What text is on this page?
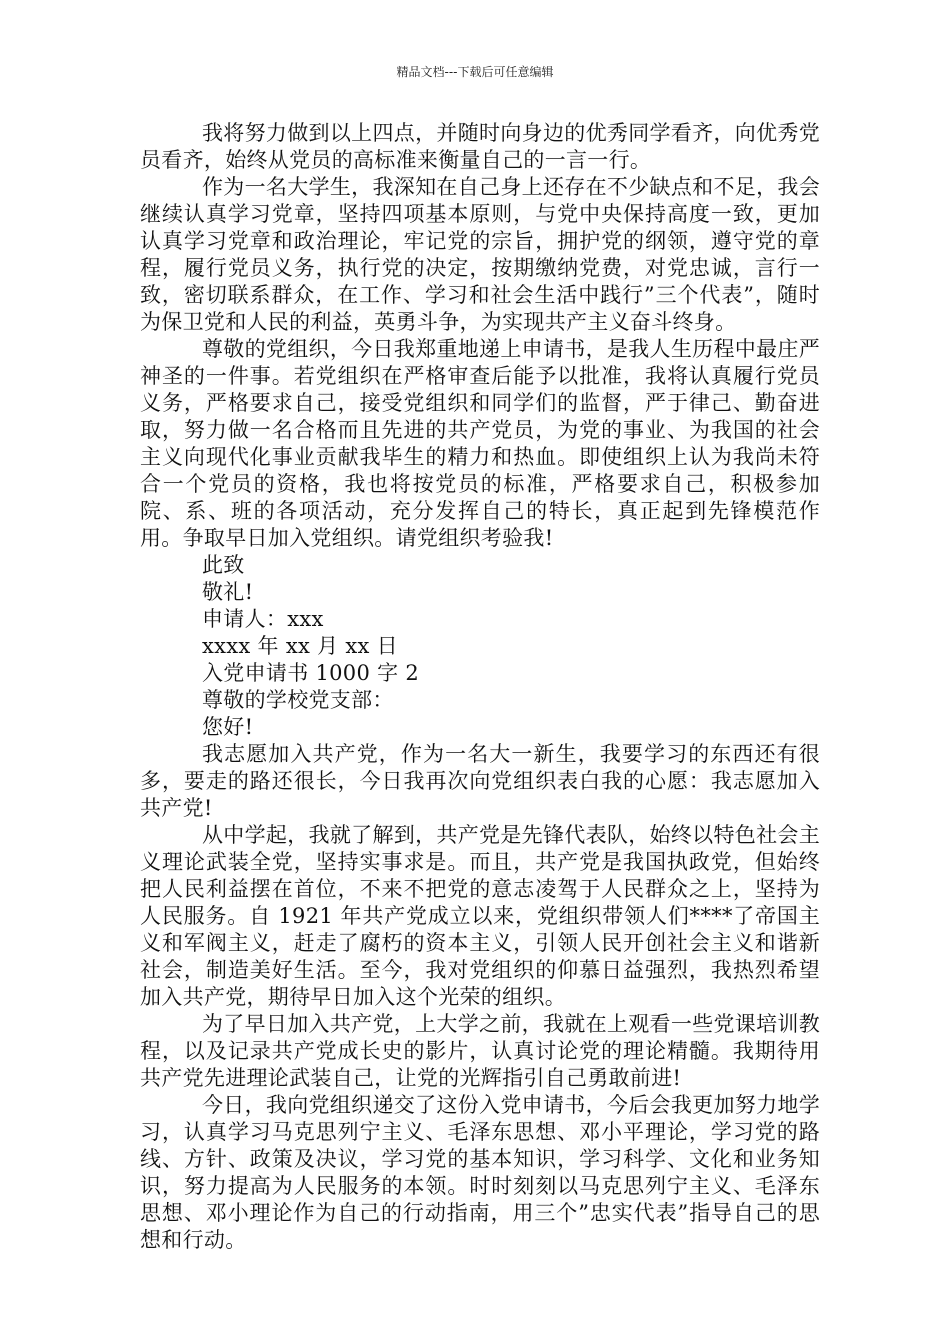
精品文档---下载后可任意编辑

我将努力做到以上四点，并随时向身边的优秀同学看齐，向优秀党员看齐，始终从党员的高标准来衡量自己的一言一行。

作为一名大学生，我深知在自己身上还存在不少缺点和不足，我会继续认真学习党章，坚持四项基本原则，与党中央保持高度一致，更加认真学习党章和政治理论，牢记党的宗旨，拥护党的纲领，遵守党的章程，履行党员义务，执行党的决定，按期缴纳党费，对党忠诚，言行一致，密切联系群众，在工作、学习和社会生活中践行”三个代表”，随时为保卫党和人民的利益，英勇斗争，为实现共产主义奋斗终身。

尊敬的党组织，今日我郑重地递上申请书，是我人生历程中最庄严神圣的一件事。若党组织在严格审查后能予以批准，我将认真履行党员义务，严格要求自己，接受党组织和同学们的监督，严于律己、勤奋进取，努力做一名合格而且先进的共产党员，为党的事业、为我国的社会主义向现代化事业贡献我毕生的精力和热血。即使组织上认为我尚未符合一个党员的资格，我也将按党员的标准，严格要求自己，积极参加院、系、班的各项活动，充分发挥自己的特长，真正起到先锋模范作用。争取早日加入党组织。请党组织考验我!

此致

敬礼!

申请人：xxx

xxxx 年 xx 月 xx 日

入党申请书 1000 字 2

尊敬的学校党支部：

您好!

我志愿加入共产党，作为一名大一新生，我要学习的东西还有很多，要走的路还很长，今日我再次向党组织表白我的心愿：我志愿加入共产党!

从中学起，我就了解到，共产党是先锋代表队，始终以特色社会主义理论武装全党，坚持实事求是。而且，共产党是我国执政党，但始终把人民利益摆在首位，不来不把党的意志凌驾于人民群众之上，坚持为人民服务。自 1921 年共产党成立以来，党组织带领人们****了帝国主义和军阀主义，赶走了腐朽的资本主义，引领人民开创社会主义和谐新社会，制造美好生活。至今，我对党组织的仰慕日益强烈，我热烈希望加入共产党，期待早日加入这个光荣的组织。

为了早日加入共产党，上大学之前，我就在上观看一些党课培训教程，以及记录共产党成长史的影片，认真讨论党的理论精髓。我期待用共产党先进理论武装自己，让党的光辉指引自己勇敢前进!

今日，我向党组织递交了这份入党申请书，今后会我更加努力地学习，认真学习马克思列宁主义、毛泽东思想、邓小平理论，学习党的路线、方针、政策及决议，学习党的基本知识，学习科学、文化和业务知识，努力提高为人民服务的本领。时时刻刻以马克思列宁主义、毛泽东思想、邓小理论作为自己的行动指南，用三个”忠实代表”指导自己的思想和行动。
